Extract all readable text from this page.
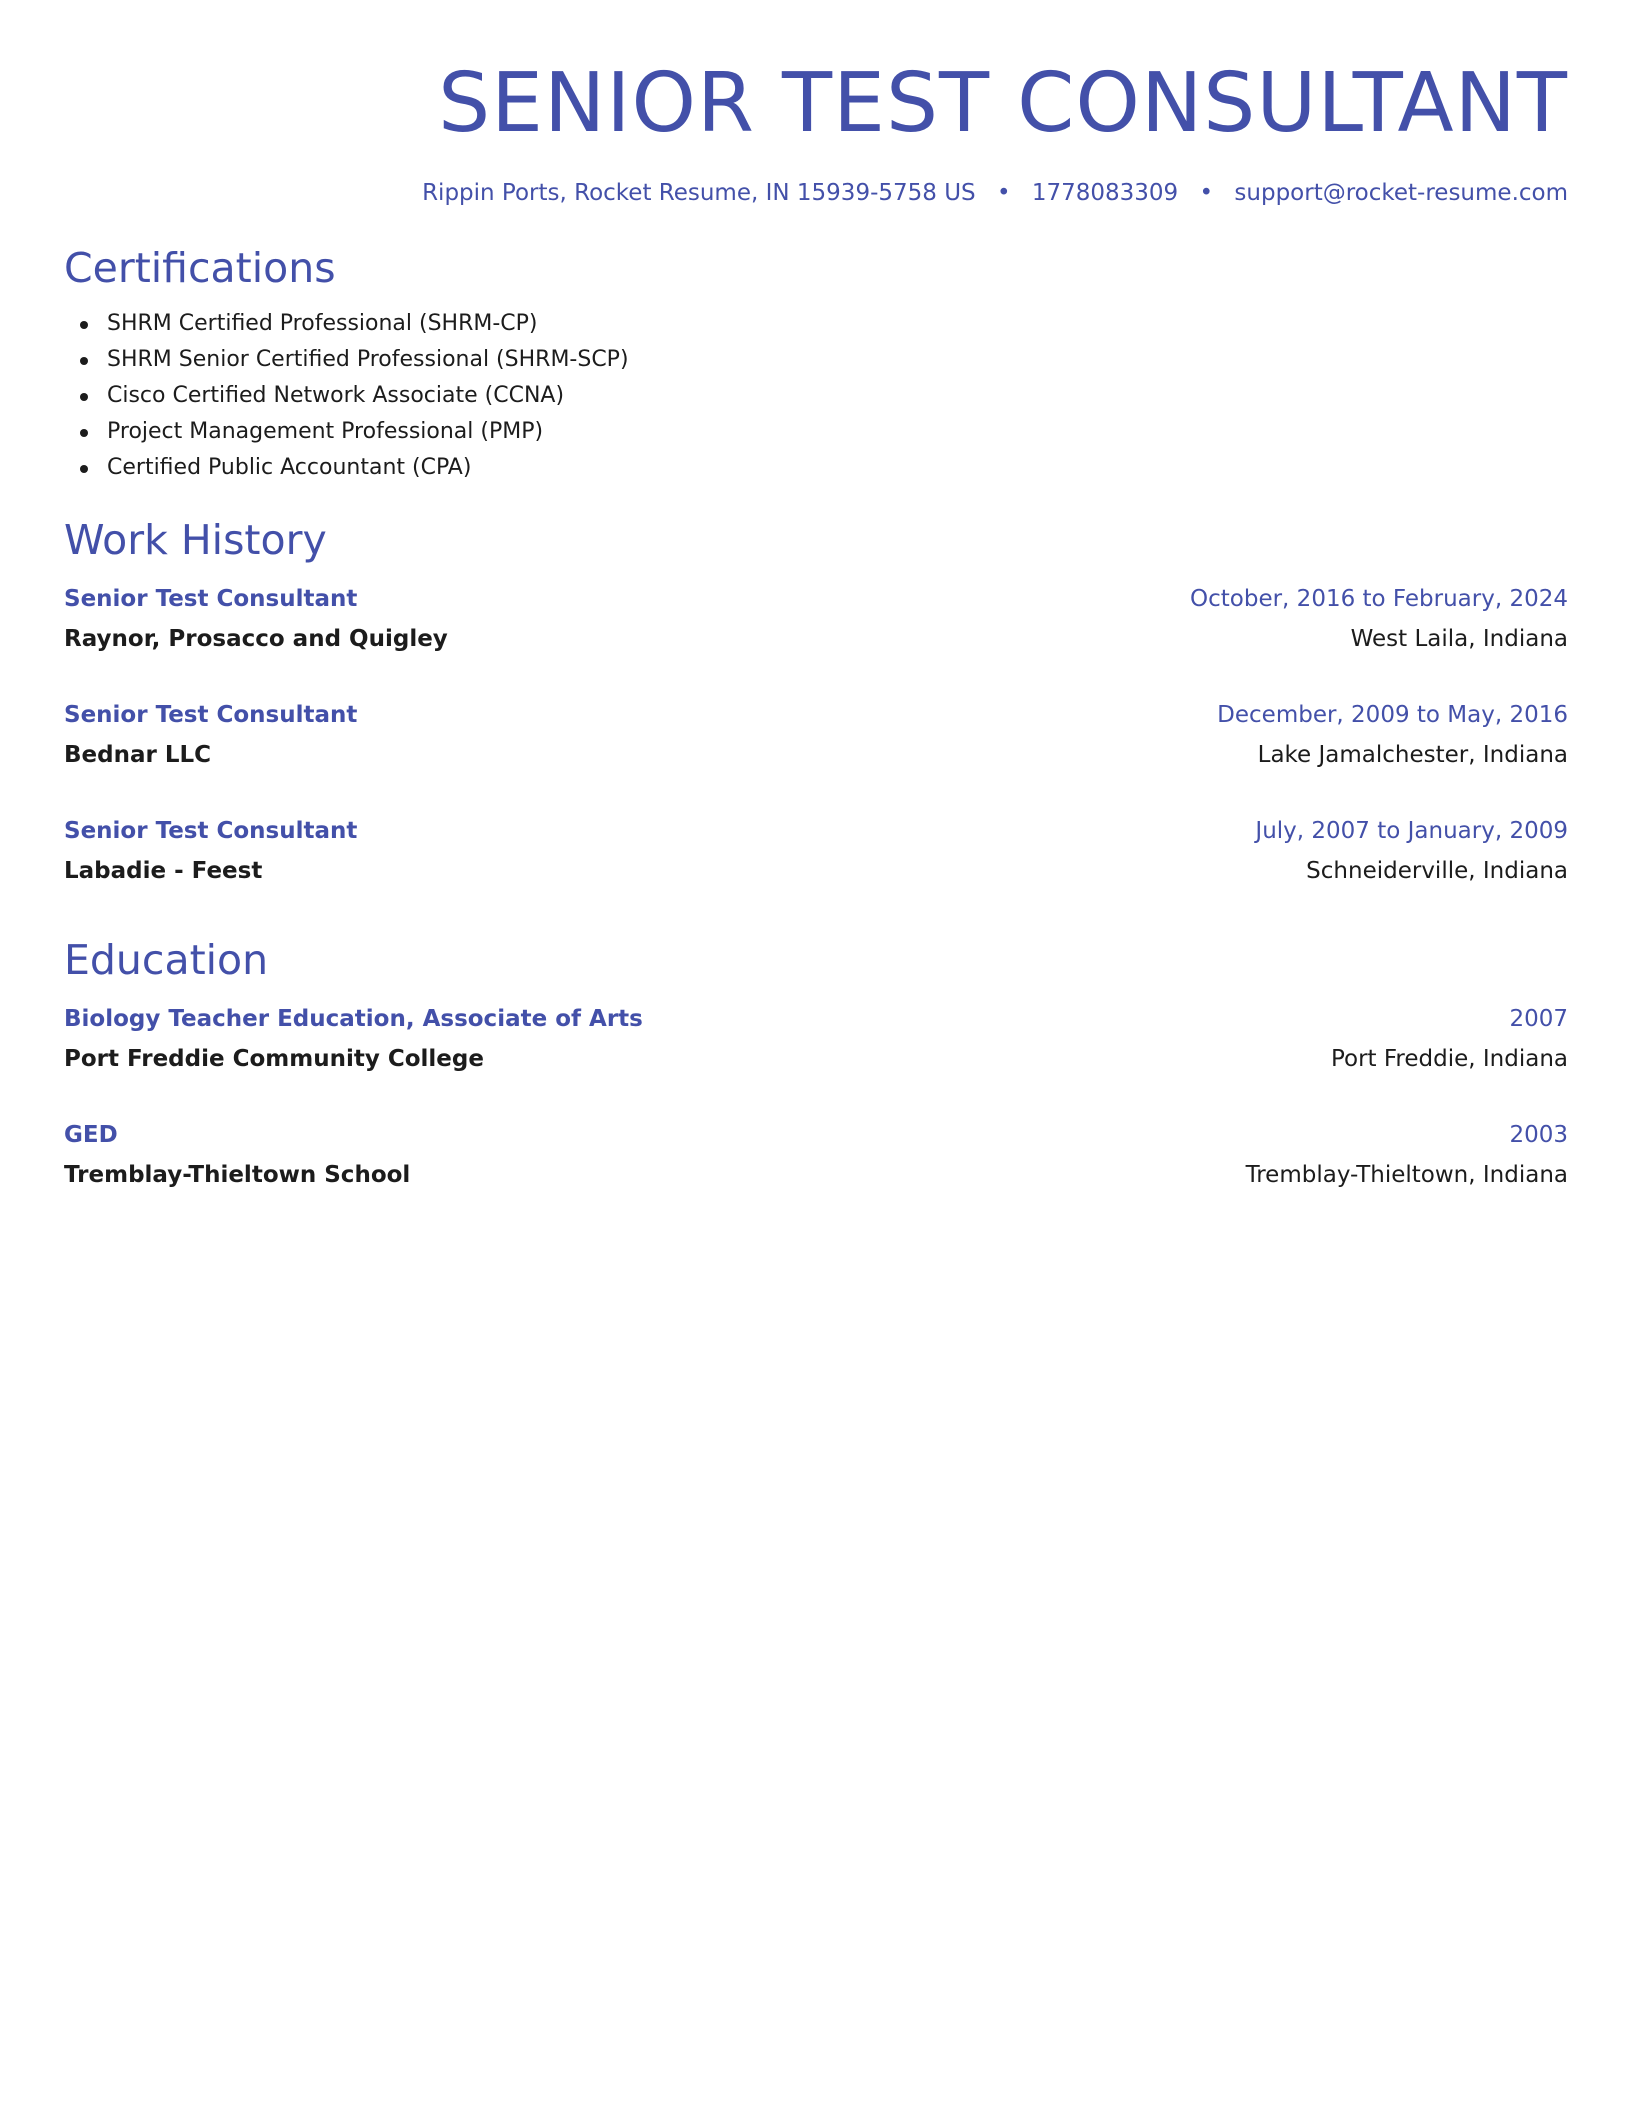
SENIOR TEST CONSULTANT
Rippin Ports, Rocket Resume, IN 15939-5758 US • 1778083309 • support@rocket-resume.com
Certifications
SHRM Certified Professional (SHRM-CP)
SHRM Senior Certified Professional (SHRM-SCP)
Cisco Certified Network Associate (CCNA)
Project Management Professional (PMP)
Certified Public Accountant (CPA)
Work History
Senior Test Consultant	October, 2016 to February, 2024
Raynor, Prosacco and Quigley	West Laila, Indiana
Senior Test Consultant	December, 2009 to May, 2016
Bednar LLC	Lake Jamalchester, Indiana
Senior Test Consultant	July, 2007 to January, 2009
Labadie - Feest	Schneiderville, Indiana
Education
Biology Teacher Education, Associate of Arts	2007
Port Freddie Community College	Port Freddie, Indiana
GED	2003
Tremblay-Thieltown School	Tremblay-Thieltown, Indiana
